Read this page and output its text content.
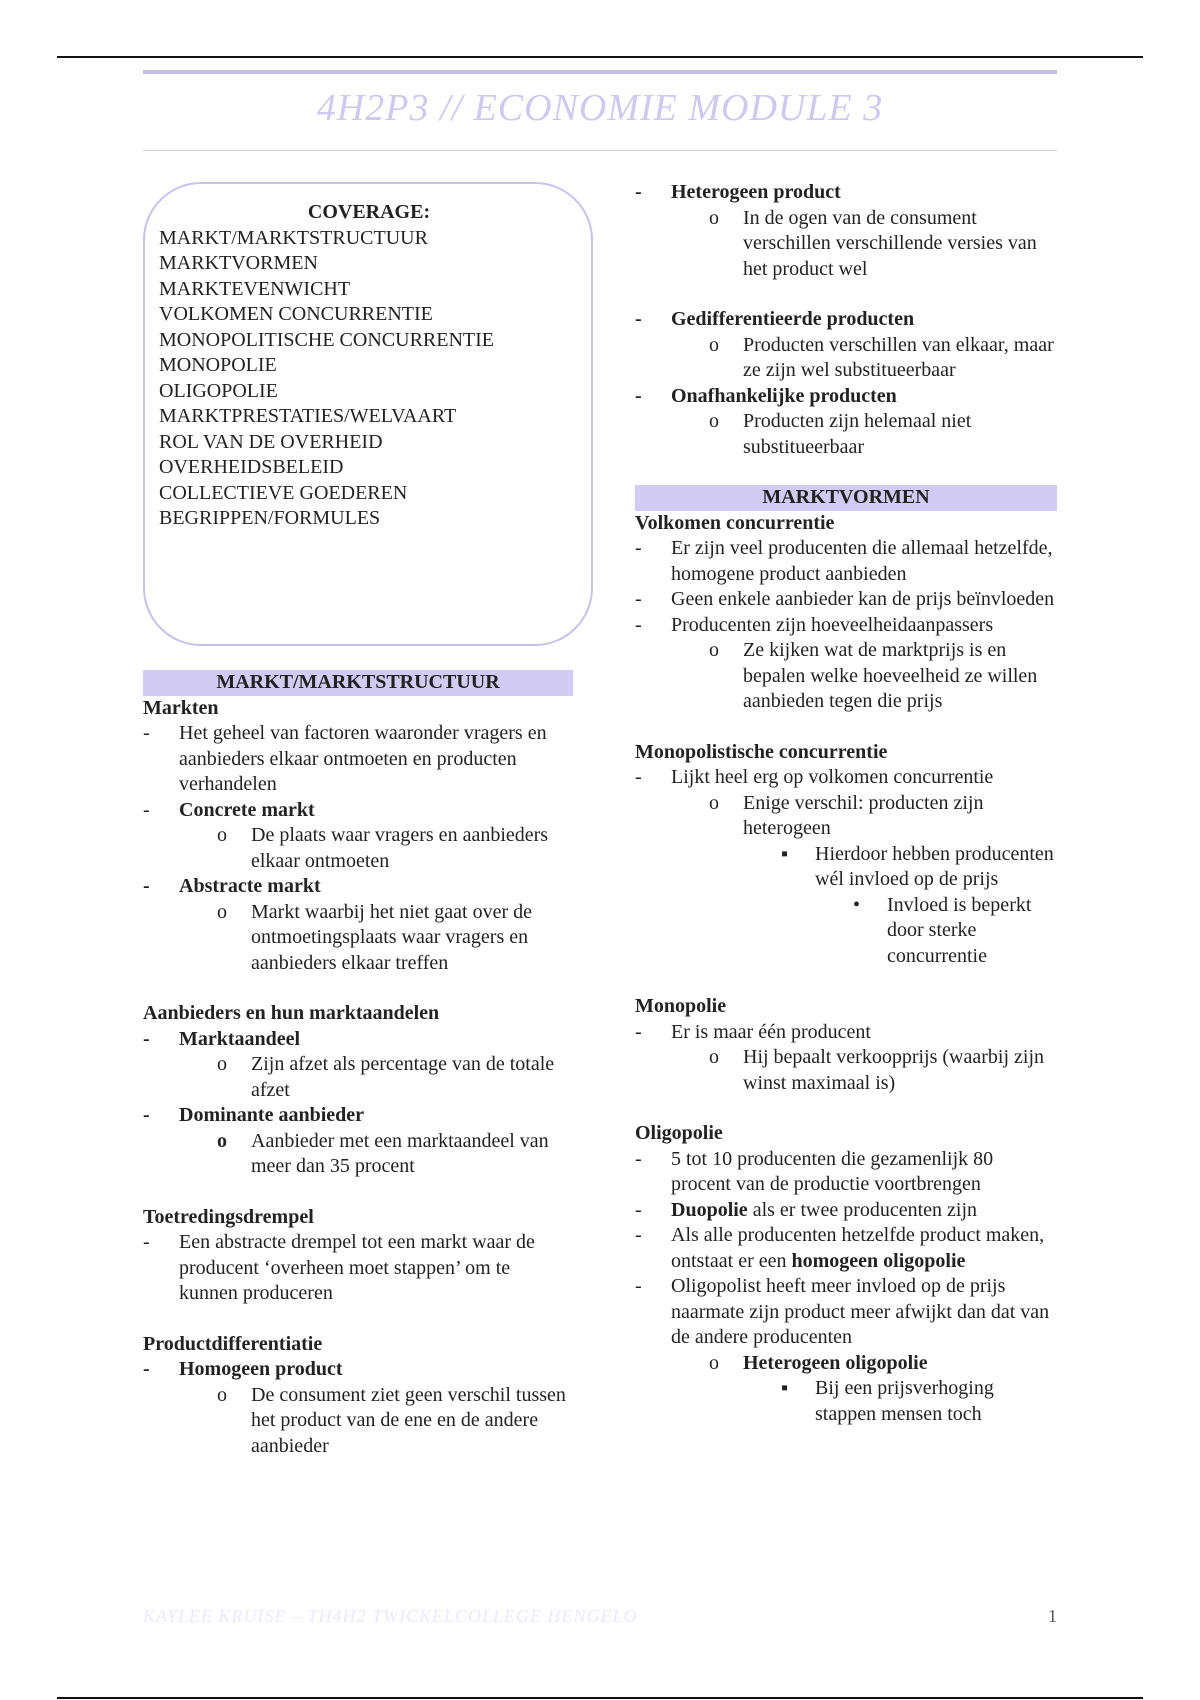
4H2P3 // ECONOMIE MODULE 3
COVERAGE:
MARKT/MARKTSTRUCTUUR
MARKTVORMEN
MARKTEVENWICHT
VOLKOMEN CONCURRENTIE
MONOPOLITISCHE CONCURRENTIE
MONOPOLIE
OLIGOPOLIE
MARKTPRESTATIES/WELVAART
ROL VAN DE OVERHEID
OVERHEIDSBELEID
COLLECTIEVE GOEDEREN
BEGRIPPEN/FORMULES
MARKT/MARKTSTRUCTUUR
Markten
- Het geheel van factoren waaronder vragers en aanbieders elkaar ontmoeten en producten verhandelen
- Concrete markt
o De plaats waar vragers en aanbieders elkaar ontmoeten
- Abstracte markt
o Markt waarbij het niet gaat over de ontmoetingsplaats waar vragers en aanbieders elkaar treffen
Aanbieders en hun marktaandelen
- Marktaandeel
o Zijn afzet als percentage van de totale afzet
- Dominante aanbieder
o Aanbieder met een marktaandeel van meer dan 35 procent
Toetredingsdrempel
- Een abstracte drempel tot een markt waar de producent ‘overheen moet stappen’ om te kunnen produceren
Productdifferentiatie
- Homogeen product
o De consument ziet geen verschil tussen het product van de ene en de andere aanbieder
- Heterogeen product
o In de ogen van de consument verschillen verschillende versies van het product wel
- Gedifferentieerde producten
o Producten verschillen van elkaar, maar ze zijn wel substitueerbaar
- Onafhankelijke producten
o Producten zijn helemaal niet substitueerbaar
MARKTVORMEN
Volkomen concurrentie
- Er zijn veel producenten die allemaal hetzelfde, homogene product aanbieden
- Geen enkele aanbieder kan de prijs beïnvloeden
- Producenten zijn hoeveelheidaanpassers
o Ze kijken wat de marktprijs is en bepalen welke hoeveelheid ze willen aanbieden tegen die prijs
Monopolistische concurrentie
- Lijkt heel erg op volkomen concurrentie
o Enige verschil: producten zijn heterogeen
▪ Hierdoor hebben producenten wél invloed op de prijs
• Invloed is beperkt door sterke concurrentie
Monopolie
- Er is maar één producent
o Hij bepaalt verkoopprijs (waarbij zijn winst maximaal is)
Oligopolie
- 5 tot 10 producenten die gezamenlijk 80 procent van de productie voortbrengen
- Duopolie als er twee producenten zijn
- Als alle producenten hetzelfde product maken, ontstaat er een homogeen oligopolie
- Oligopolist heeft meer invloed op de prijs naarmate zijn product meer afwijkt dan dat van de andere producenten
o Heterogeen oligopolie
▪ Bij een prijsverhoging stappen mensen toch
KAYLEE KRUISE – TH4H2 TWICKELCOLLEGE HENGELO	1
